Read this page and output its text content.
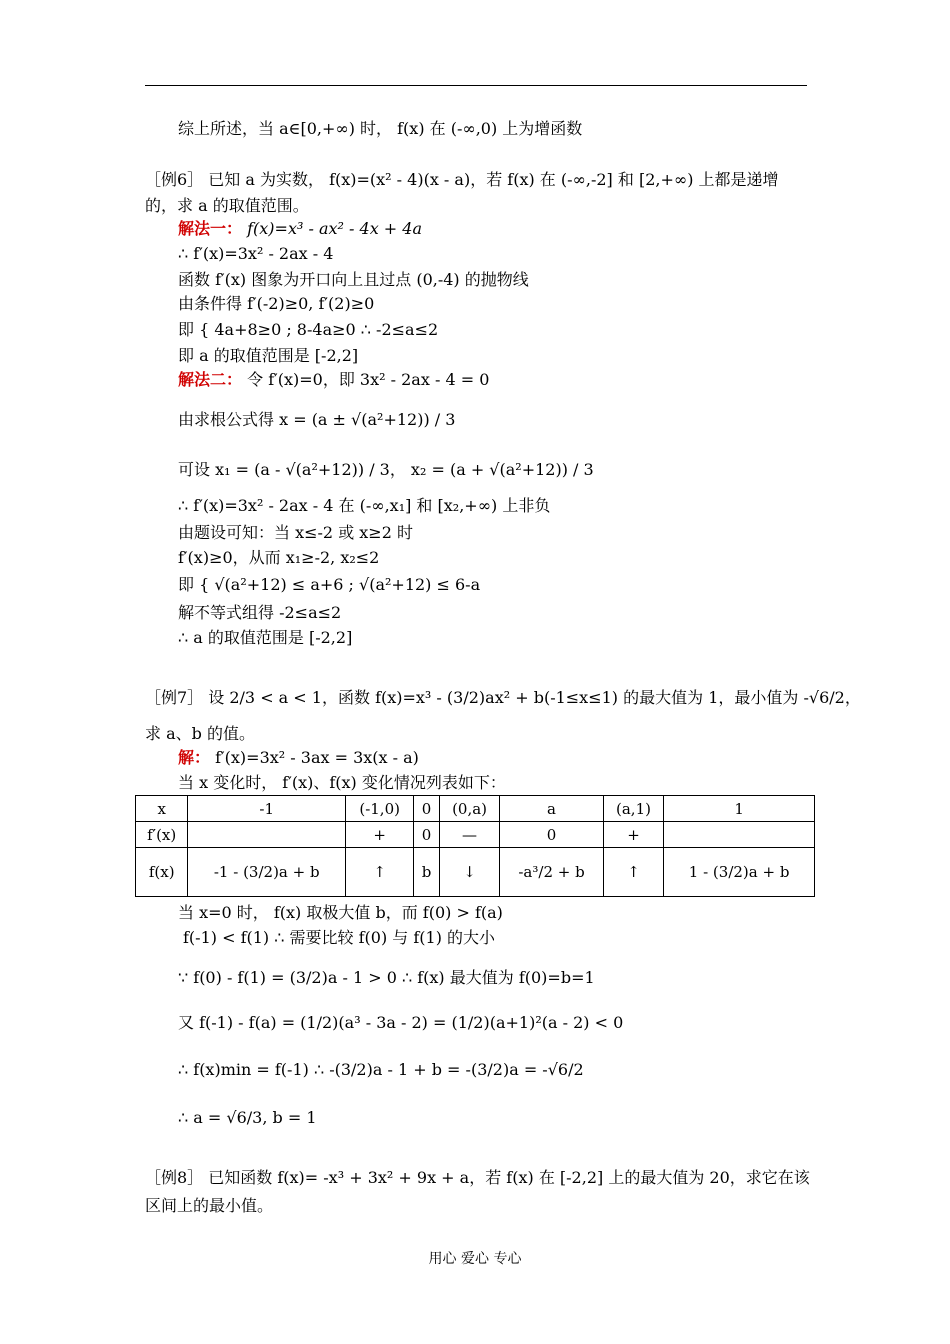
综上所述，当 a∈[0,+∞) 时， f(x) 在 (-∞,0) 上为增函数
［例6］ 已知 a 为实数， f(x)=(x² - 4)(x - a)，若 f(x) 在 (-∞,-2] 和 [2,+∞) 上都是递增
的，求 a 的取值范围。
解法一： f(x)=x³ - ax² - 4x + 4a
∴ f′(x)=3x² - 2ax - 4
函数 f′(x) 图象为开口向上且过点 (0,-4) 的抛物线
由条件得 f′(-2)≥0, f′(2)≥0
即 { 4a+8≥0 ; 8-4a≥0 ∴ -2≤a≤2
即 a 的取值范围是 [-2,2]
解法二： 令 f′(x)=0，即 3x² - 2ax - 4 = 0
由求根公式得 x = (a ± √(a²+12)) / 3
可设 x₁ = (a - √(a²+12)) / 3， x₂ = (a + √(a²+12)) / 3
∴ f′(x)=3x² - 2ax - 4 在 (-∞,x₁] 和 [x₂,+∞) 上非负
由题设可知：当 x≤-2 或 x≥2 时
f′(x)≥0，从而 x₁≥-2, x₂≤2
即 { √(a²+12) ≤ a+6 ; √(a²+12) ≤ 6-a
解不等式组得 -2≤a≤2
∴ a 的取值范围是 [-2,2]
［例7］ 设 2/3 < a < 1，函数 f(x)=x³ - (3/2)ax² + b(-1≤x≤1) 的最大值为 1，最小值为 -√6/2，
求 a、b 的值。
解： f′(x)=3x² - 3ax = 3x(x - a)
当 x 变化时， f′(x)、f(x) 变化情况列表如下：
x	-1	(-1,0)	0	(0,a)	a	(a,1)	1
f′(x)		+	0	—	0	+	
f(x)	-1 - (3/2)a + b	↑	b	↓	-a³/2 + b	↑	1 - (3/2)a + b
当 x=0 时， f(x) 取极大值 b，而 f(0) > f(a)
f(-1) < f(1) ∴ 需要比较 f(0) 与 f(1) 的大小
∵ f(0) - f(1) = (3/2)a - 1 > 0 ∴ f(x) 最大值为 f(0)=b=1
又 f(-1) - f(a) = (1/2)(a³ - 3a - 2) = (1/2)(a+1)²(a - 2) < 0
∴ f(x)min = f(-1) ∴ -(3/2)a - 1 + b = -(3/2)a = -√6/2
∴ a = √6/3, b = 1
［例8］ 已知函数 f(x)= -x³ + 3x² + 9x + a，若 f(x) 在 [-2,2] 上的最大值为 20，求它在该
区间上的最小值。
用心 爱心 专心
